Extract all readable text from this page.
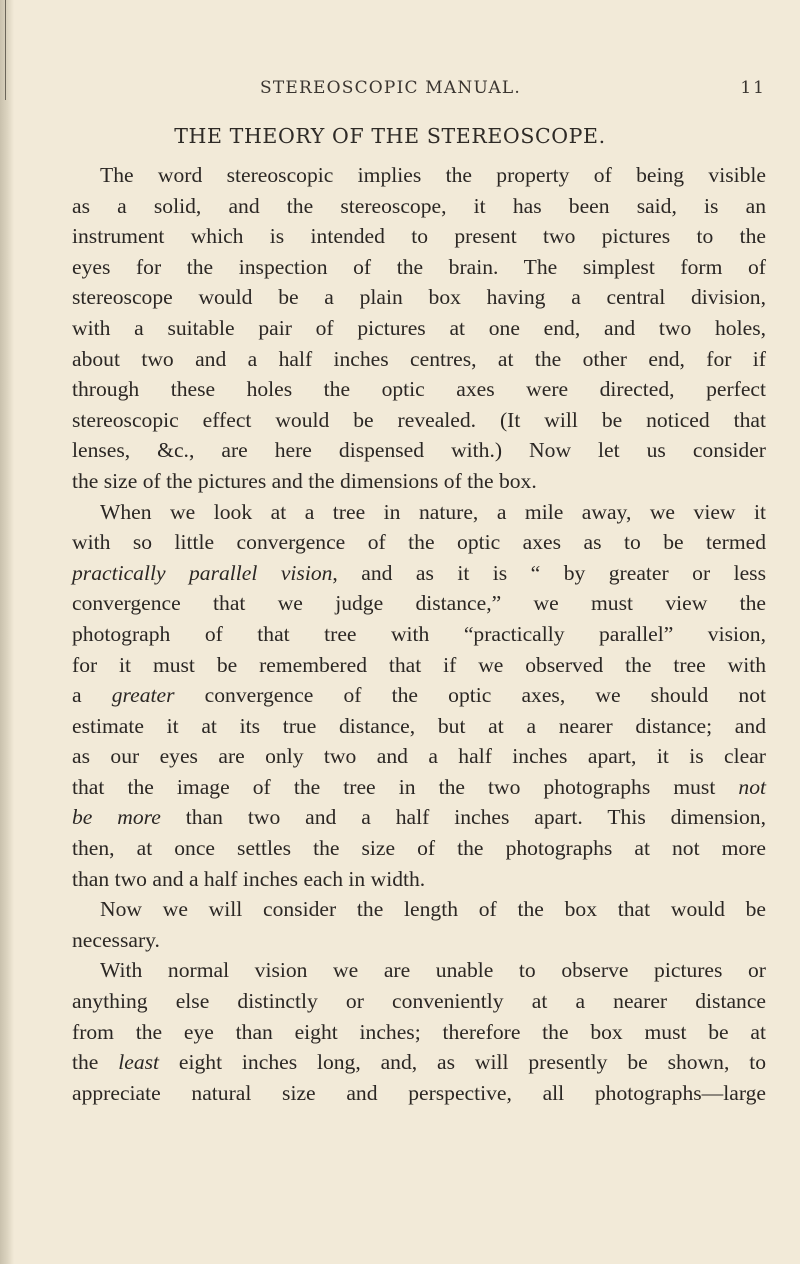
STEREOSCOPIC MANUAL.	11
THE THEORY OF THE STEREOSCOPE.
The word stereoscopic implies the property of being visible
as a solid, and the stereoscope, it has been said, is an
instrument which is intended to present two pictures to the
eyes for the inspection of the brain. The simplest form of
stereoscope would be a plain box having a central division,
with a suitable pair of pictures at one end, and two holes,
about two and a half inches centres, at the other end, for if
through these holes the optic axes were directed, perfect
stereoscopic effect would be revealed. (It will be noticed that
lenses, &c., are here dispensed with.) Now let us consider
the size of the pictures and the dimensions of the box.
When we look at a tree in nature, a mile away, we view it
with so little convergence of the optic axes as to be termed
practically parallel vision, and as it is “ by greater or less
convergence that we judge distance,” we must view the
photograph of that tree with “practically parallel” vision,
for it must be remembered that if we observed the tree with
a greater convergence of the optic axes, we should not
estimate it at its true distance, but at a nearer distance; and
as our eyes are only two and a half inches apart, it is clear
that the image of the tree in the two photographs must not
be more than two and a half inches apart. This dimension,
then, at once settles the size of the photographs at not more
than two and a half inches each in width.
Now we will consider the length of the box that would be
necessary.
With normal vision we are unable to observe pictures or
anything else distinctly or conveniently at a nearer distance
from the eye than eight inches; therefore the box must be at
the least eight inches long, and, as will presently be shown, to
appreciate natural size and perspective, all photographs—large
